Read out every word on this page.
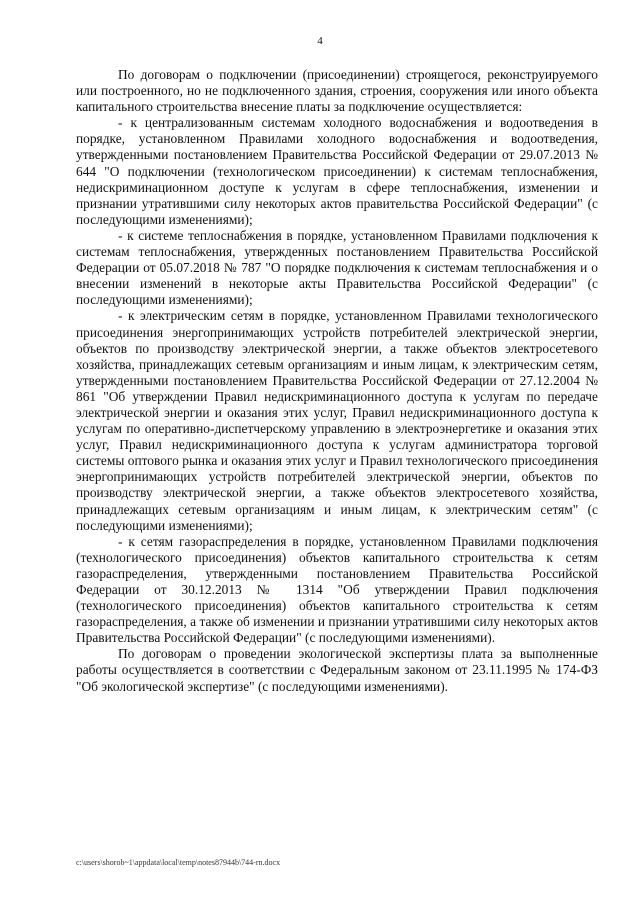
4

По договорам о подключении (присоединении) строящегося, реконструируемого или построенного, но не подключенного здания, строения, сооружения или иного объекта капитального строительства внесение платы за подключение осуществляется:

- к централизованным системам холодного водоснабжения и водоотведения в порядке, установленном Правилами холодного водоснабжения и водоотведения, утвержденными постановлением Правительства Российской Федерации от 29.07.2013 № 644 "О подключении (технологическом присоединении) к системам теплоснабжения, недискриминационном доступе к услугам в сфере теплоснабжения, изменении и признании утратившими силу некоторых актов правительства Российской Федерации" (с последующими изменениями);

- к системе теплоснабжения в порядке, установленном Правилами подключения к системам теплоснабжения, утвержденных постановлением Правительства Российской Федерации от 05.07.2018 № 787 "О порядке подключения к системам теплоснабжения и о внесении изменений в некоторые акты Правительства Российской Федерации" (с последующими изменениями);

- к электрическим сетям в порядке, установленном Правилами технологического присоединения энергопринимающих устройств потребителей электрической энергии, объектов по производству электрической энергии, а также объектов электросетевого хозяйства, принадлежащих сетевым организациям и иным лицам, к электрическим сетям, утвержденными постановлением Правительства Российской Федерации от 27.12.2004 № 861 "Об утверждении Правил недискриминационного доступа к услугам по передаче электрической энергии и оказания этих услуг, Правил недискриминационного доступа к услугам по оперативно-диспетчерскому управлению в электроэнергетике и оказания этих услуг, Правил недискриминационного доступа к услугам администратора торговой системы оптового рынка и оказания этих услуг и Правил технологического присоединения энергопринимающих устройств потребителей электрической энергии, объектов по производству электрической энергии, а также объектов электросетевого хозяйства, принадлежащих сетевым организациям и иным лицам, к электрическим сетям" (с последующими изменениями);

- к сетям газораспределения в порядке, установленном Правилами подключения (технологического присоединения) объектов капитального строительства к сетям газораспределения, утвержденными постановлением Правительства Российской Федерации от 30.12.2013 № 1314 "Об утверждении Правил подключения (технологического присоединения) объектов капитального строительства к сетям газораспределения, а также об изменении и признании утратившими силу некоторых актов Правительства Российской Федерации" (с последующими изменениями).

По договорам о проведении экологической экспертизы плата за выполненные работы осуществляется в соответствии с Федеральным законом от 23.11.1995 № 174-ФЗ "Об экологической экспертизе" (с последующими изменениями).

c:\users\shorob~1\appdata\local\temp\notes87944b\744-rn.docx
